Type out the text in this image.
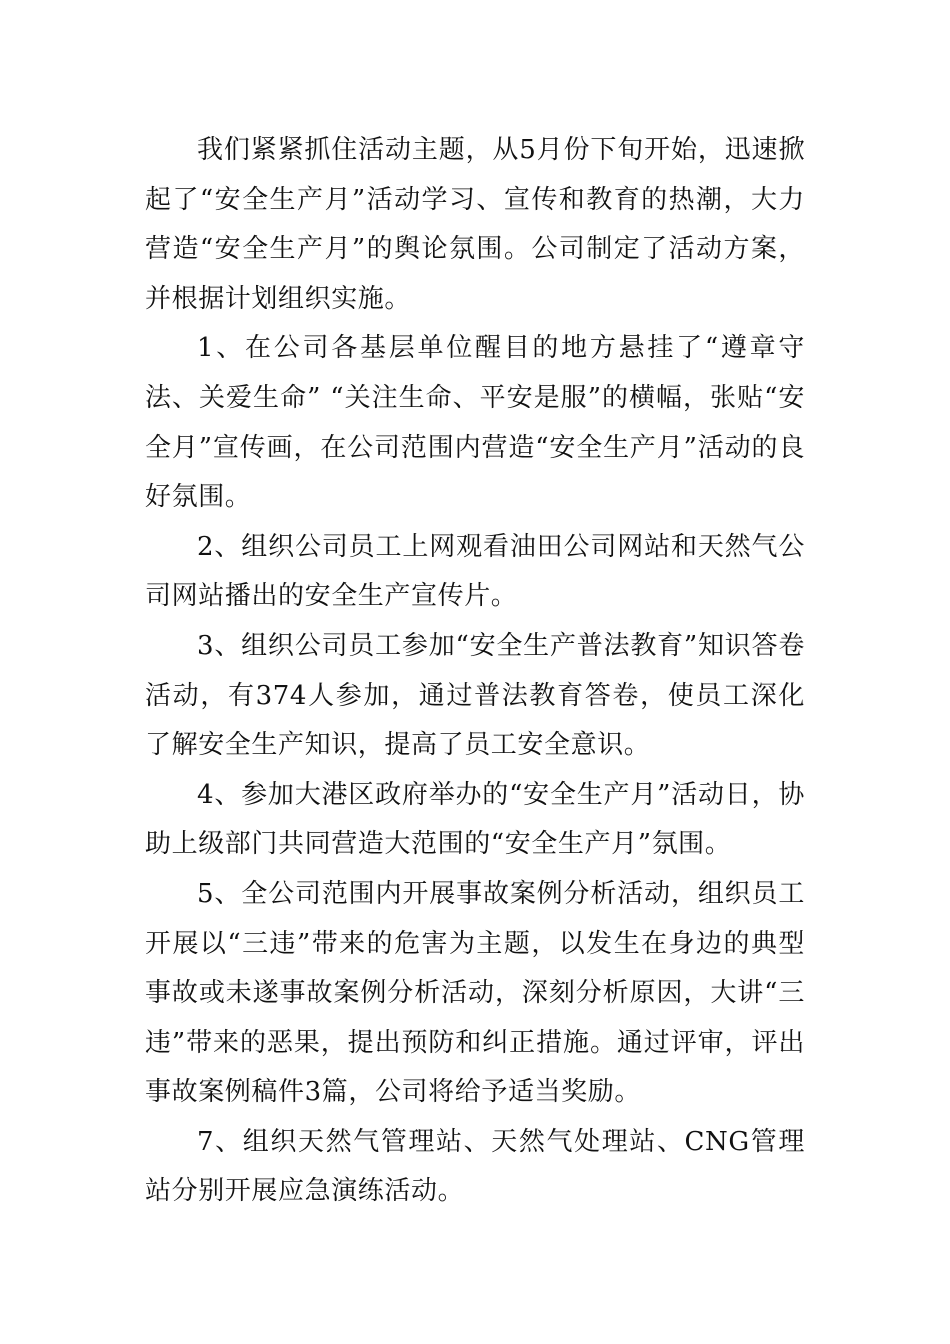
我们紧紧抓住活动主题，从5月份下旬开始，迅速掀起了“安全生产月”活动学习、宣传和教育的热潮，大力营造“安全生产月”的舆论氛围。公司制定了活动方案，并根据计划组织实施。

1、在公司各基层单位醒目的地方悬挂了“遵章守法、关爱生命” “关注生命、平安是服”的横幅，张贴“安全月”宣传画，在公司范围内营造“安全生产月”活动的良好氛围。

2、组织公司员工上网观看油田公司网站和天然气公司网站播出的安全生产宣传片。

3、组织公司员工参加“安全生产普法教育”知识答卷活动，有374人参加，通过普法教育答卷，使员工深化了解安全生产知识，提高了员工安全意识。

4、参加大港区政府举办的“安全生产月”活动日，协助上级部门共同营造大范围的“安全生产月”氛围。

5、全公司范围内开展事故案例分析活动，组织员工开展以“三违”带来的危害为主题，以发生在身边的典型事故或未遂事故案例分析活动，深刻分析原因，大讲“三违”带来的恶果，提出预防和纠正措施。通过评审，评出事故案例稿件3篇，公司将给予适当奖励。

7、组织天然气管理站、天然气处理站、CNG管理站分别开展应急演练活动。
